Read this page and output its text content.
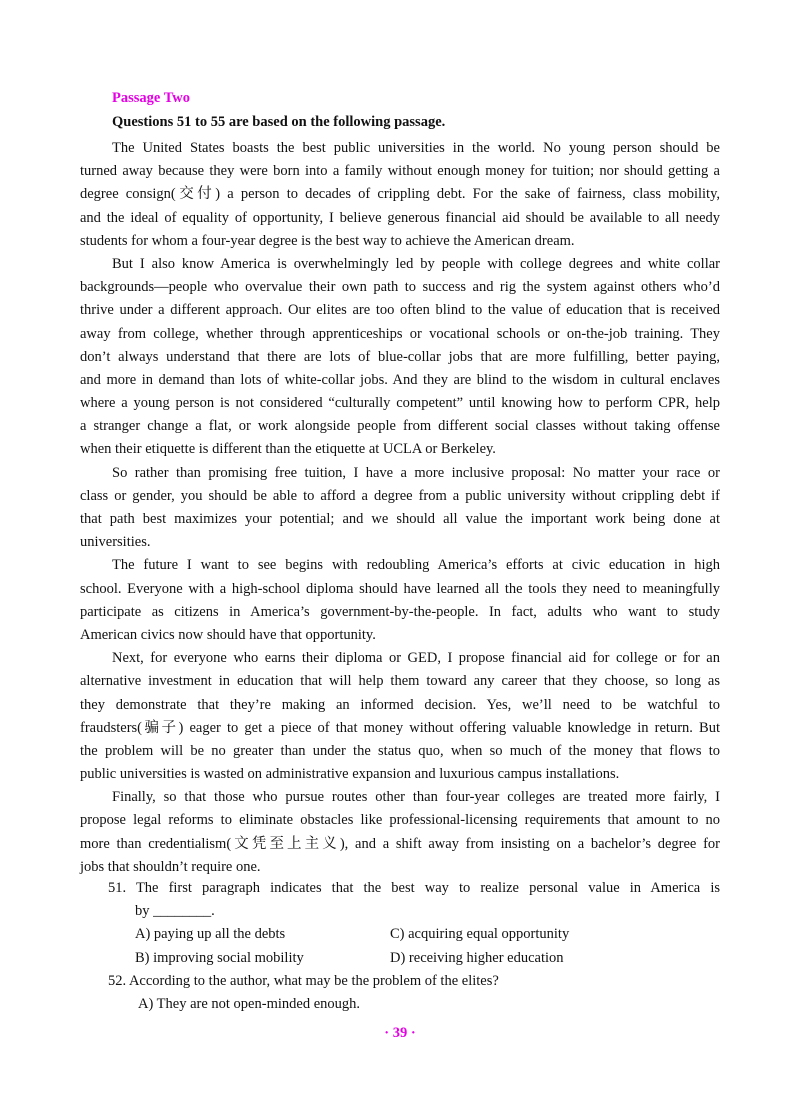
Passage Two
Questions 51 to 55 are based on the following passage.
The United States boasts the best public universities in the world. No young person should be
turned away because they were born into a family without enough money for tuition; nor should getting a
degree consign(交付) a person to decades of crippling debt. For the sake of fairness, class mobility,
and the ideal of equality of opportunity, I believe generous financial aid should be available to all needy
students for whom a four-year degree is the best way to achieve the American dream.
But I also know America is overwhelmingly led by people with college degrees and white collar
backgrounds—people who overvalue their own path to success and rig the system against others who’d
thrive under a different approach. Our elites are too often blind to the value of education that is received
away from college, whether through apprenticeships or vocational schools or on-the-job training. They
don’t always understand that there are lots of blue-collar jobs that are more fulfilling, better paying,
and more in demand than lots of white-collar jobs. And they are blind to the wisdom in cultural enclaves
where a young person is not considered “culturally competent” until knowing how to perform CPR, help
a stranger change a flat, or work alongside people from different social classes without taking offense
when their etiquette is different than the etiquette at UCLA or Berkeley.
So rather than promising free tuition, I have a more inclusive proposal: No matter your race or
class or gender, you should be able to afford a degree from a public university without crippling debt if
that path best maximizes your potential; and we should all value the important work being done at
universities.
The future I want to see begins with redoubling America’s efforts at civic education in high
school. Everyone with a high-school diploma should have learned all the tools they need to meaningfully
participate as citizens in America’s government-by-the-people. In fact, adults who want to study
American civics now should have that opportunity.
Next, for everyone who earns their diploma or GED, I propose financial aid for college or for an
alternative investment in education that will help them toward any career that they choose, so long as
they demonstrate that they’re making an informed decision. Yes, we’ll need to be watchful to
fraudsters(骗子) eager to get a piece of that money without offering valuable knowledge in return. But
the problem will be no greater than under the status quo, when so much of the money that flows to
public universities is wasted on administrative expansion and luxurious campus installations.
Finally, so that those who pursue routes other than four-year colleges are treated more fairly, I
propose legal reforms to eliminate obstacles like professional-licensing requirements that amount to no
more than credentialism(文凭至上主义), and a shift away from insisting on a bachelor’s degree for
jobs that shouldn’t require one.
51. The first paragraph indicates that the best way to realize personal value in America is
by ________.
A) paying up all the debts	C) acquiring equal opportunity
B) improving social mobility	D) receiving higher education
52. According to the author, what may be the problem of the elites?
A) They are not open-minded enough.
· 39 ·
